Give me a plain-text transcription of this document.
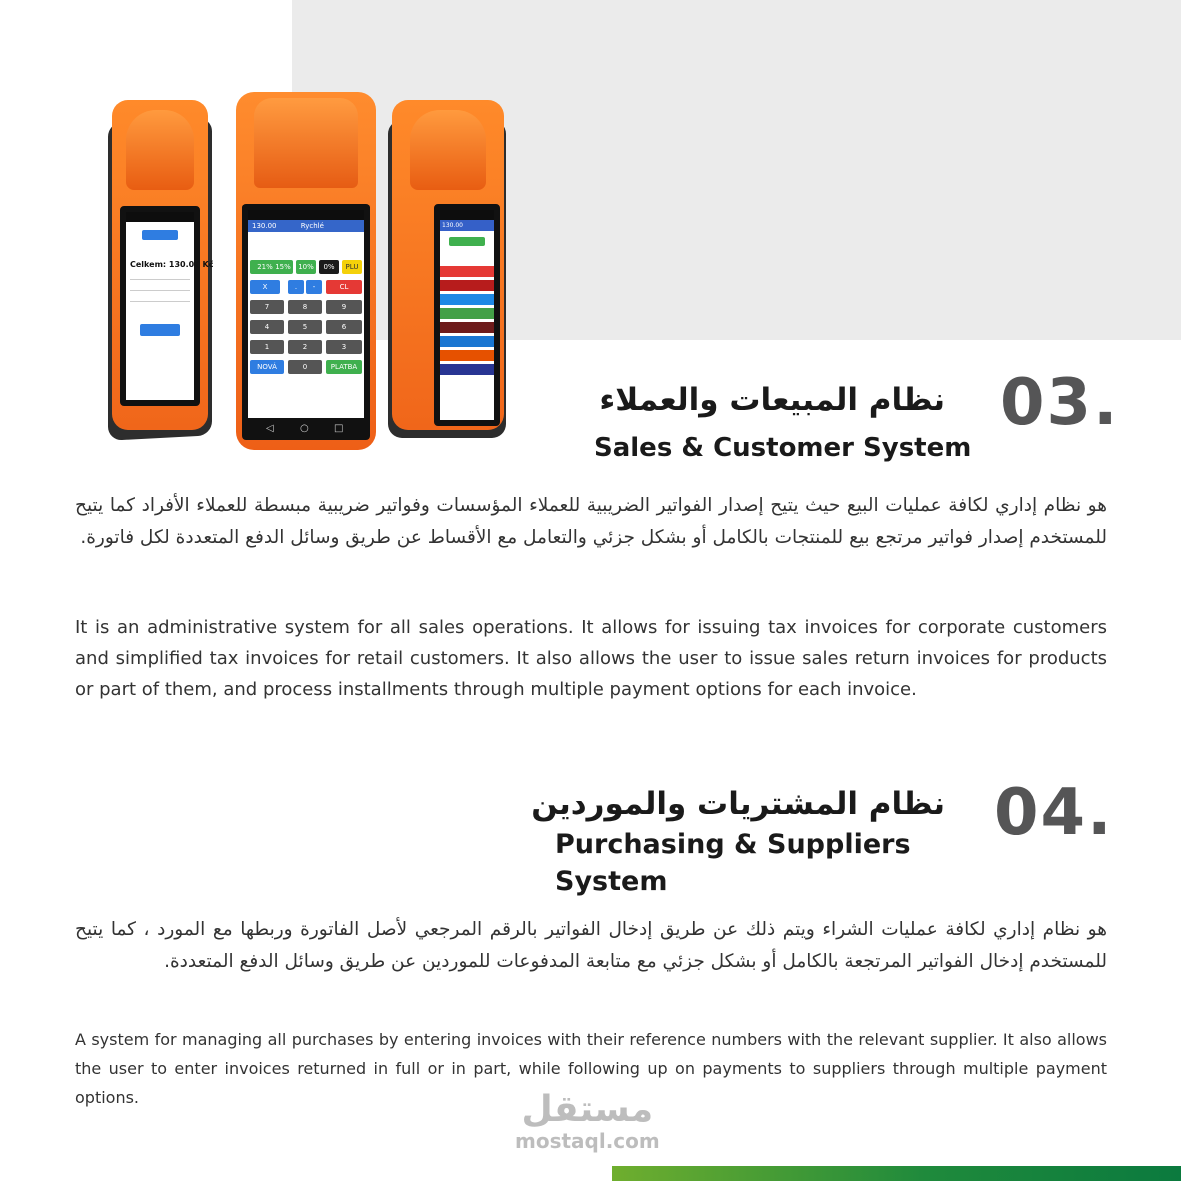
Celkem: 130.00 Kč
130.00
130.00	Rychlé
21% 15%	10%	0%	PLU
X	.	-	CL
7	8	9
4	5	6
1	2	3
NOVÁ	0	PLATBA
◁	○	□	03.
نظام المبيعات والعملاء
Sales & Customer System
هو نظام إداري لكافة عمليات البيع حيث يتيح إصدار الفواتير الضريبية للعملاء المؤسسات وفواتير ضريبية مبسطة للعملاء الأفراد كما يتيح للمستخدم إصدار فواتير مرتجع بيع للمنتجات بالكامل أو بشكل جزئي والتعامل مع الأقساط عن طريق وسائل الدفع المتعددة لكل فاتورة.
It is an administrative system for all sales operations. It allows for issuing tax invoices for corporate customers and simplified tax invoices for retail customers. It also allows the user to issue sales return invoices for products or part of them, and process installments through multiple payment options for each invoice.
04.
نظام المشتريات والموردين
Purchasing & Suppliers System
هو نظام إداري لكافة عمليات الشراء ويتم ذلك عن طريق إدخال الفواتير بالرقم المرجعي لأصل الفاتورة وربطها مع المورد ، كما يتيح للمستخدم إدخال الفواتير المرتجعة بالكامل أو بشكل جزئي مع متابعة المدفوعات للموردين عن طريق وسائل الدفع المتعددة.
A system for managing all purchases by entering invoices with their reference numbers with the relevant supplier. It also allows the user to enter invoices returned in full or in part, while following up on payments to suppliers through multiple payment options.	مستقل
mostaql.com
